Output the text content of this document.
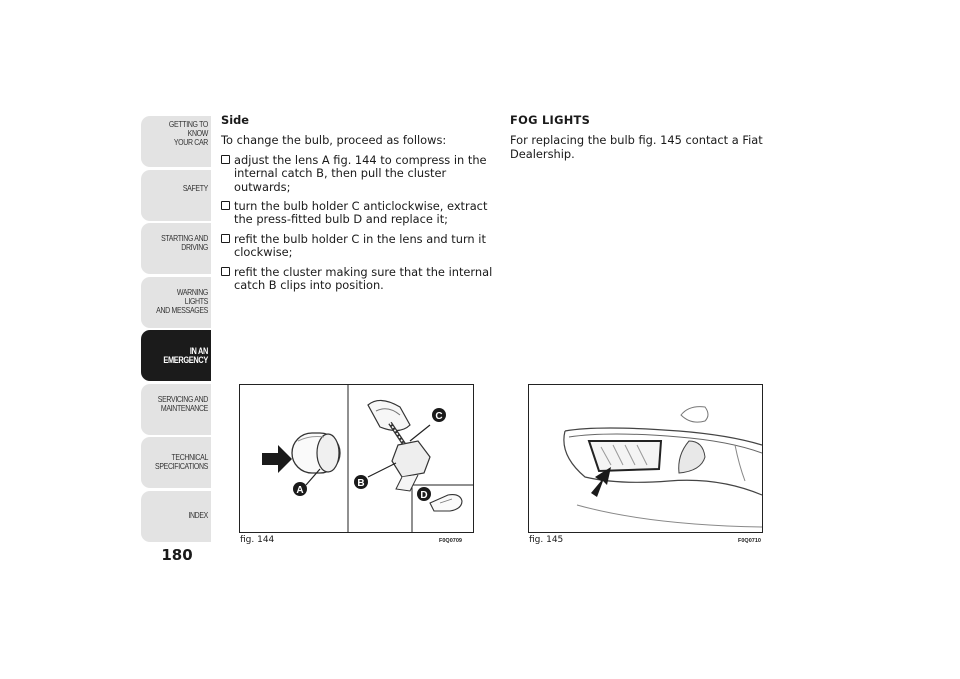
GETTING TO KNOW
YOUR CAR
SAFETY
STARTING AND
DRIVING
WARNING LIGHTS
AND MESSAGES
IN AN
EMERGENCY
SERVICING AND
MAINTENANCE
TECHNICAL
SPECIFICATIONS
INDEX
180
Side
To change the bulb, proceed as follows:
adjust the lens A fig. 144 to compress in the internal catch B, then pull the cluster outwards;
turn the bulb holder C anticlockwise, extract the press-fitted bulb D and replace it;
refit the bulb holder C in the lens and turn it clockwise;
refit the cluster making sure that the internal catch B clips into position.
FOG LIGHTS
For replacing the bulb fig. 145 contact a Fiat Dealership.
A
B
C
D
fig. 144	F0Q0709	fig. 145	F0Q0710
